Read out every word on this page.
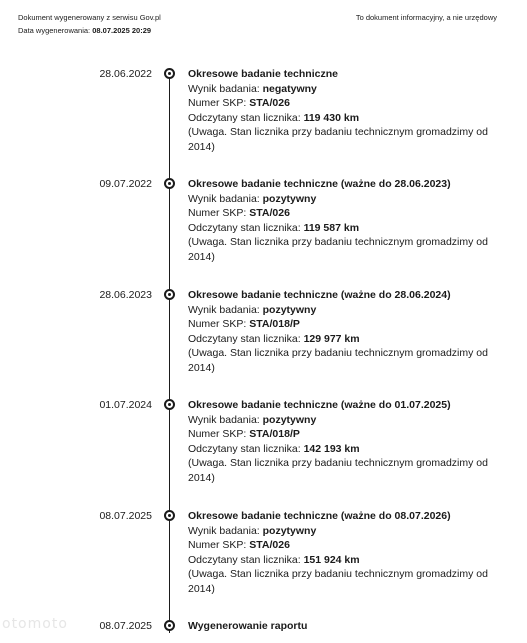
Dokument wygenerowany z serwisu Gov.pl
Data wygenerowania: 08.07.2025 20:29
To dokument informacyjny, a nie urzędowy
28.06.2022	Okresowe badanie techniczne
Wynik badania: negatywny
Numer SKP: STA/026
Odczytany stan licznika: 119 430 km
(Uwaga. Stan licznika przy badaniu technicznym gromadzimy od 2014)
09.07.2022	Okresowe badanie techniczne (ważne do 28.06.2023)
Wynik badania: pozytywny
Numer SKP: STA/026
Odczytany stan licznika: 119 587 km
(Uwaga. Stan licznika przy badaniu technicznym gromadzimy od 2014)
28.06.2023	Okresowe badanie techniczne (ważne do 28.06.2024)
Wynik badania: pozytywny
Numer SKP: STA/018/P
Odczytany stan licznika: 129 977 km
(Uwaga. Stan licznika przy badaniu technicznym gromadzimy od 2014)
01.07.2024	Okresowe badanie techniczne (ważne do 01.07.2025)
Wynik badania: pozytywny
Numer SKP: STA/018/P
Odczytany stan licznika: 142 193 km
(Uwaga. Stan licznika przy badaniu technicznym gromadzimy od 2014)
08.07.2025	Okresowe badanie techniczne (ważne do 08.07.2026)
Wynik badania: pozytywny
Numer SKP: STA/026
Odczytany stan licznika: 151 924 km
(Uwaga. Stan licznika przy badaniu technicznym gromadzimy od 2014)
08.07.2025	Wygenerowanie raportu
otomoto
